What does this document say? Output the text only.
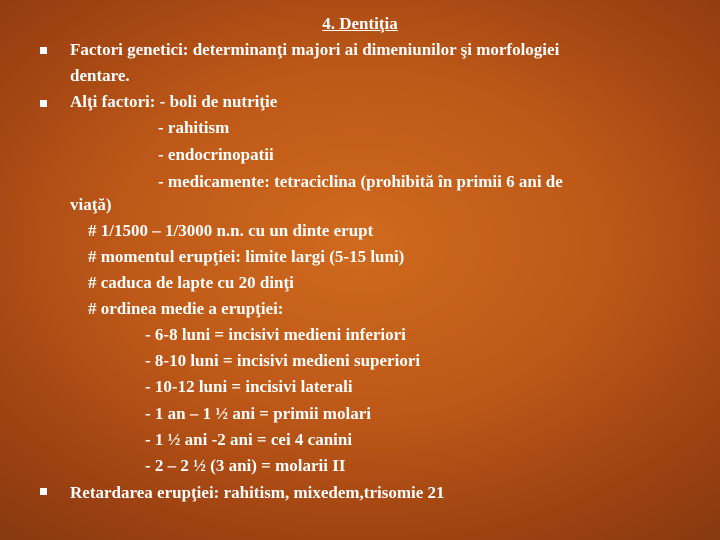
4. Dentiţia
Factori genetici: determinanţi majori ai dimeniunilor şi morfologiei
dentare.
Alţi factori: - boli de nutriţie
- rahitism
- endocrinopatii
- medicamente: tetraciclina (prohibită în primii 6 ani de
viaţă)
# 1/1500 – 1/3000 n.n. cu un dinte erupt
# momentul erupţiei: limite largi (5-15 luni)
# caduca de lapte cu 20 dinţi
# ordinea medie a erupţiei:
- 6-8 luni = incisivi medieni inferiori
- 8-10 luni = incisivi medieni superiori
- 10-12 luni = incisivi laterali
- 1 an – 1 ½ ani = primii molari
- 1 ½ ani -2 ani = cei 4 canini
- 2 – 2 ½ (3 ani) = molarii II
Retardarea erupţiei: rahitism, mixedem,trisomie 21
